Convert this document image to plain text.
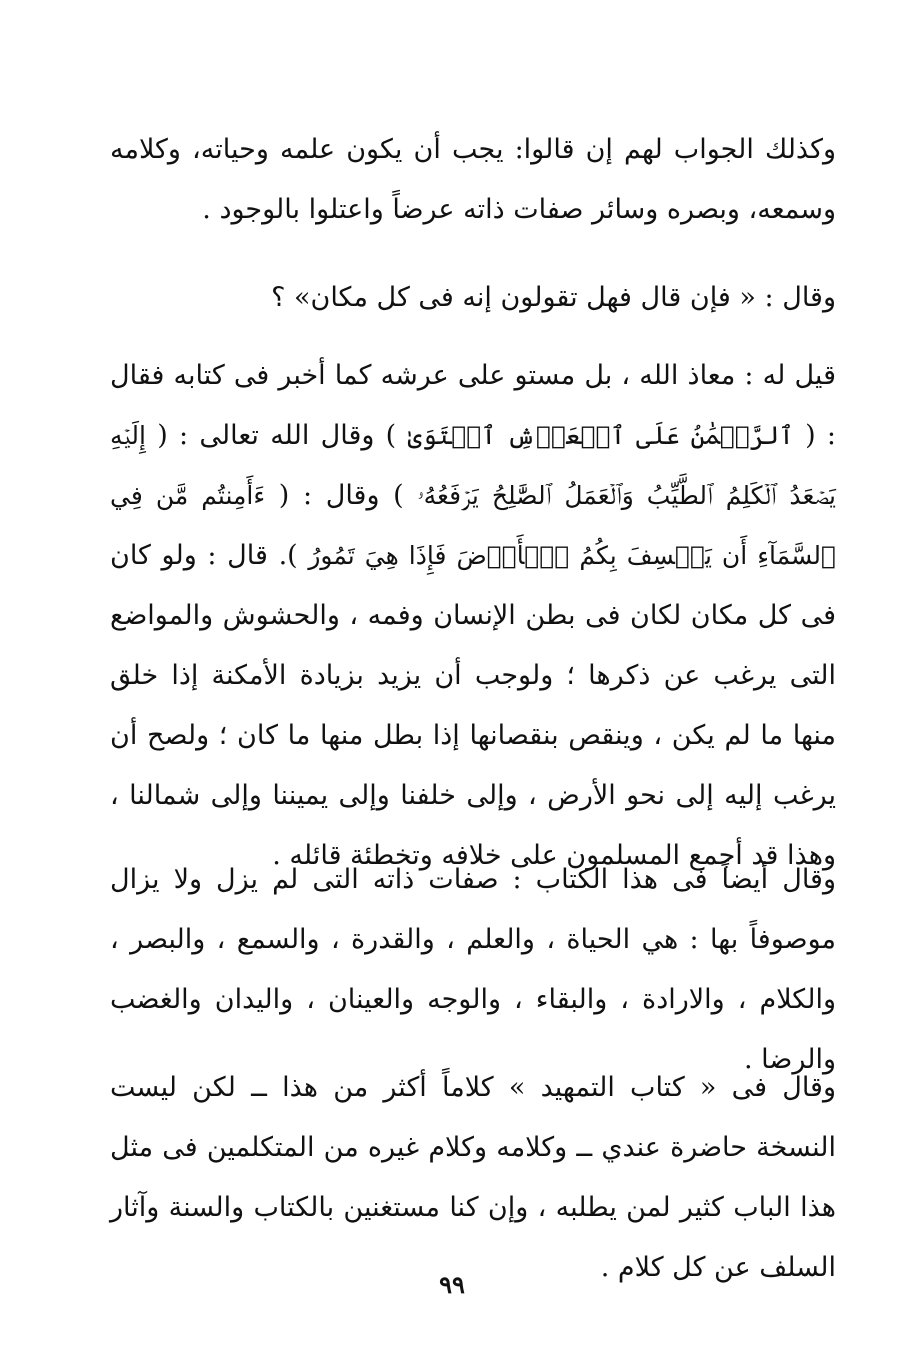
وكذلك الجواب لهم إن قالوا: يجب أن يكون علمه وحياته، وكلامه وسمعه، وبصره وسائر صفات ذاته عرضاً واعتلوا بالوجود .

وقال : « فإن قال فهل تقولون إنه فى كل مكان» ؟

قيل له : معاذ الله ، بل مستو على عرشه كما أخبر فى كتابه فقال : ( ٱلرَّحۡمَٰنُ عَلَى ٱلۡعَرۡشِ ٱسۡتَوَىٰ ) وقال الله تعالى : ( إِلَيۡهِ يَصۡعَدُ ٱلۡكَلِمُ ٱلطَّيِّبُ وَٱلۡعَمَلُ ٱلصَّٰلِحُ يَرۡفَعُهُۥ ) وقال : ( ءَأَمِنتُم مَّن فِي ٱلسَّمَآءِ أَن يَخۡسِفَ بِكُمُ ٱلۡأَرۡضَ فَإِذَا هِيَ تَمُورُ ). قال : ولو كان فى كل مكان لكان فى بطن الإنسان وفمه ، والحشوش والمواضع التى يرغب عن ذكرها ؛ ولوجب أن يزيد بزيادة الأمكنة إذا خلق منها ما لم يكن ، وينقص بنقصانها إذا بطل منها ما كان ؛ ولصح أن يرغب إليه إلى نحو الأرض ، وإلى خلفنا وإلى يميننا وإلى شمالنا ، وهذا قد أجمع المسلمون على خلافه وتخطئة قائله .

وقال أيضاً فى هذا الكتاب : صفات ذاته التى لم يزل ولا يزال موصوفاً بها : هي الحياة ، والعلم ، والقدرة ، والسمع ، والبصر ، والكلام ، والارادة ، والبقاء ، والوجه والعينان ، واليدان والغضب والرضا .

وقال فى « كتاب التمهيد » كلاماً أكثر من هذا ــ لكن ليست النسخة حاضرة عندي ــ وكلامه وكلام غيره من المتكلمين فى مثل هذا الباب كثير لمن يطلبه ، وإن كنا مستغنين بالكتاب والسنة وآثار السلف عن كل كلام .

٩٩
